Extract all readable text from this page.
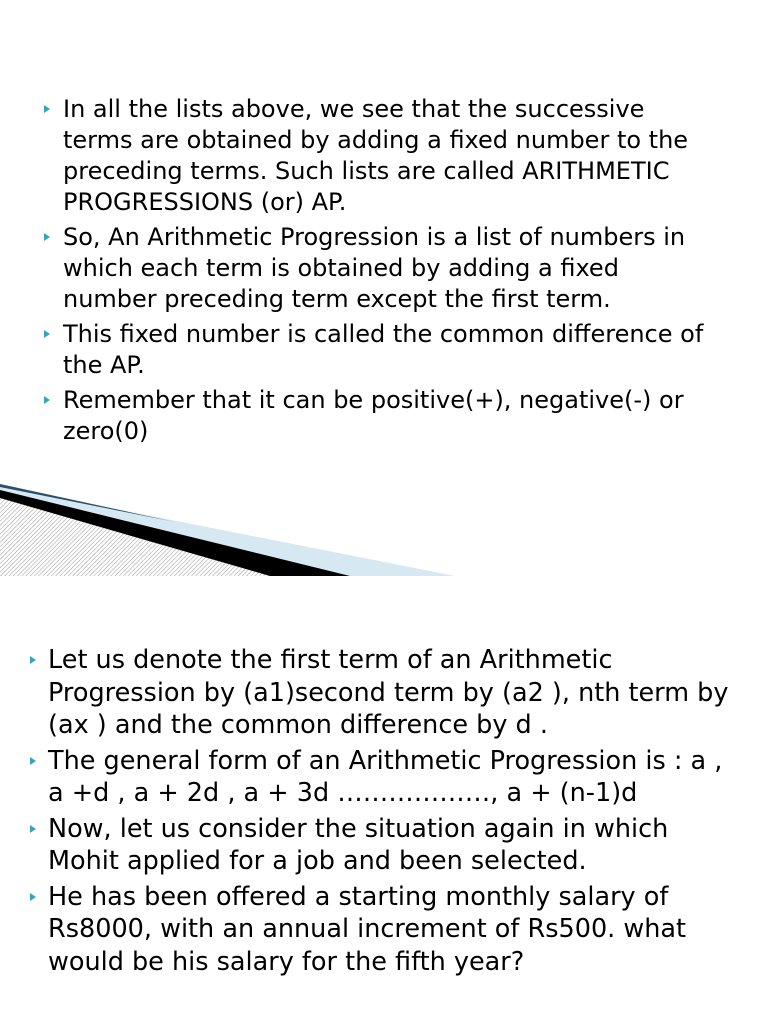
In all the lists above, we see that the successive terms are obtained by adding a fixed number to the preceding terms. Such lists are called ARITHMETIC PROGRESSIONS (or) AP.
So, An Arithmetic Progression is a list of numbers in which each term is obtained by adding a fixed number preceding term except the first term.
This fixed number is called the common difference of the AP.
Remember that it can be positive(+), negative(-) or zero(0)
Let us denote the first term of an Arithmetic Progression by (a1)second term by (a2 ), nth term by (ax ) and the common difference by d .
The general form of an Arithmetic Progression is : a , a +d , a + 2d , a + 3d ………………, a + (n-1)d
Now, let us consider the situation again in which Mohit applied for a job and been selected.
He has been offered a starting monthly salary of Rs8000, with an annual increment of Rs500. what would be his salary for the fifth year?
